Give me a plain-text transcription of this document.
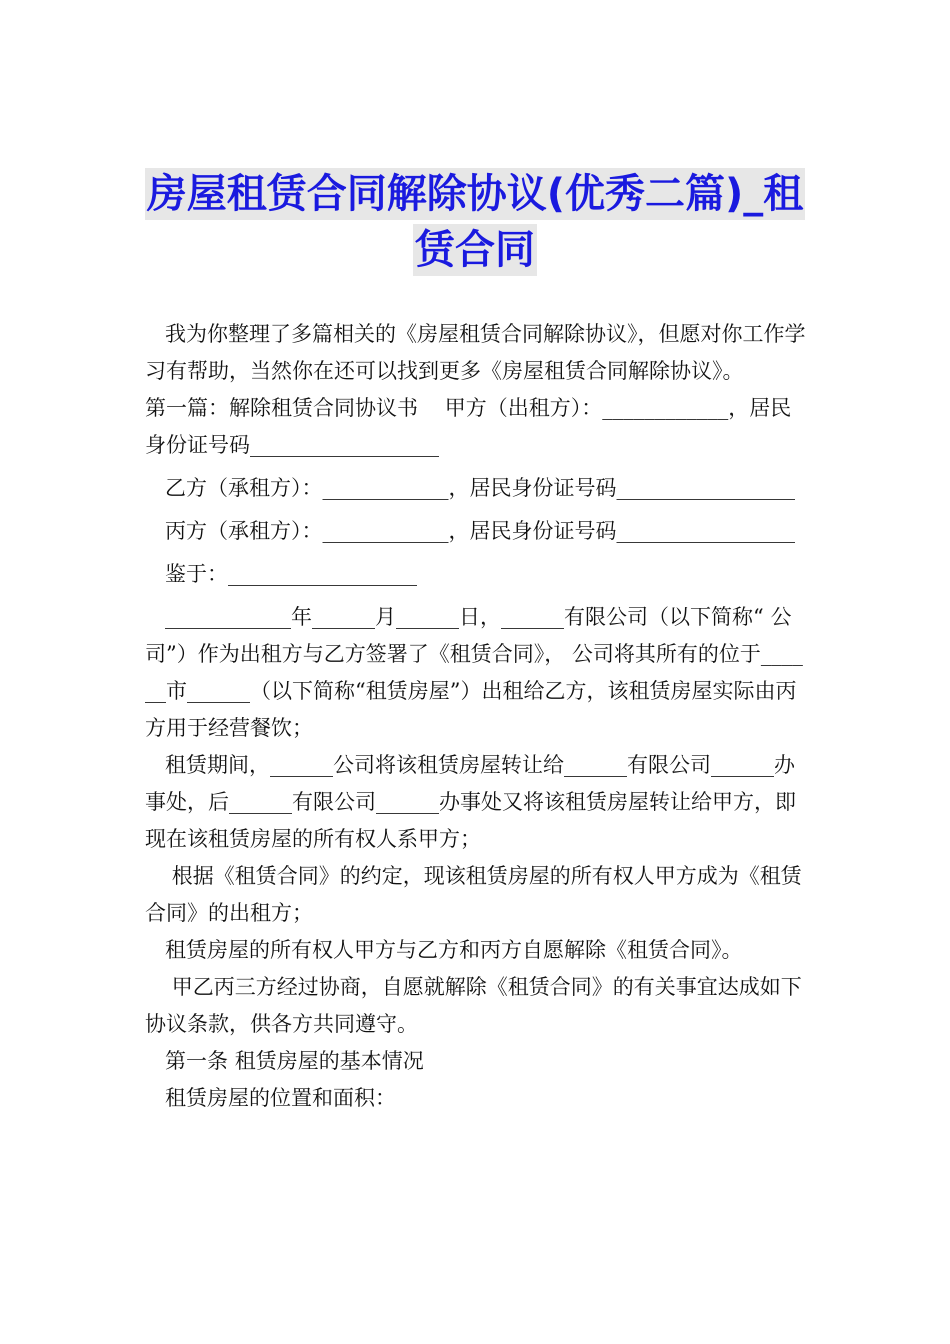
房屋租赁合同解除协议(优秀二篇)_租
赁合同

我为你整理了多篇相关的《房屋租赁合同解除协议》，但愿对你工作学习有帮助，当然你在还可以找到更多《房屋租赁合同解除协议》。

第一篇：解除租赁合同协议书    甲方（出租方）：____________，居民身份证号码__________________

乙方（承租方）：____________，居民身份证号码_________________

丙方（承租方）：____________，居民身份证号码_________________

鉴于：__________________

____________年______月______日，______有限公司（以下简称“ 公司”）作为出租方与乙方签署了《租赁合同》， 公司将其所有的位于______市______（以下简称“租赁房屋”）出租给乙方，该租赁房屋实际由丙方用于经营餐饮；

租赁期间，______公司将该租赁房屋转让给______有限公司______办事处，后______有限公司______办事处又将该租赁房屋转让给甲方，即现在该租赁房屋的所有权人系甲方；

根据《租赁合同》的约定，现该租赁房屋的所有权人甲方成为《租赁合同》的出租方；

租赁房屋的所有权人甲方与乙方和丙方自愿解除《租赁合同》。

甲乙丙三方经过协商，自愿就解除《租赁合同》的有关事宜达成如下协议条款，供各方共同遵守。

第一条 租赁房屋的基本情况

租赁房屋的位置和面积：
